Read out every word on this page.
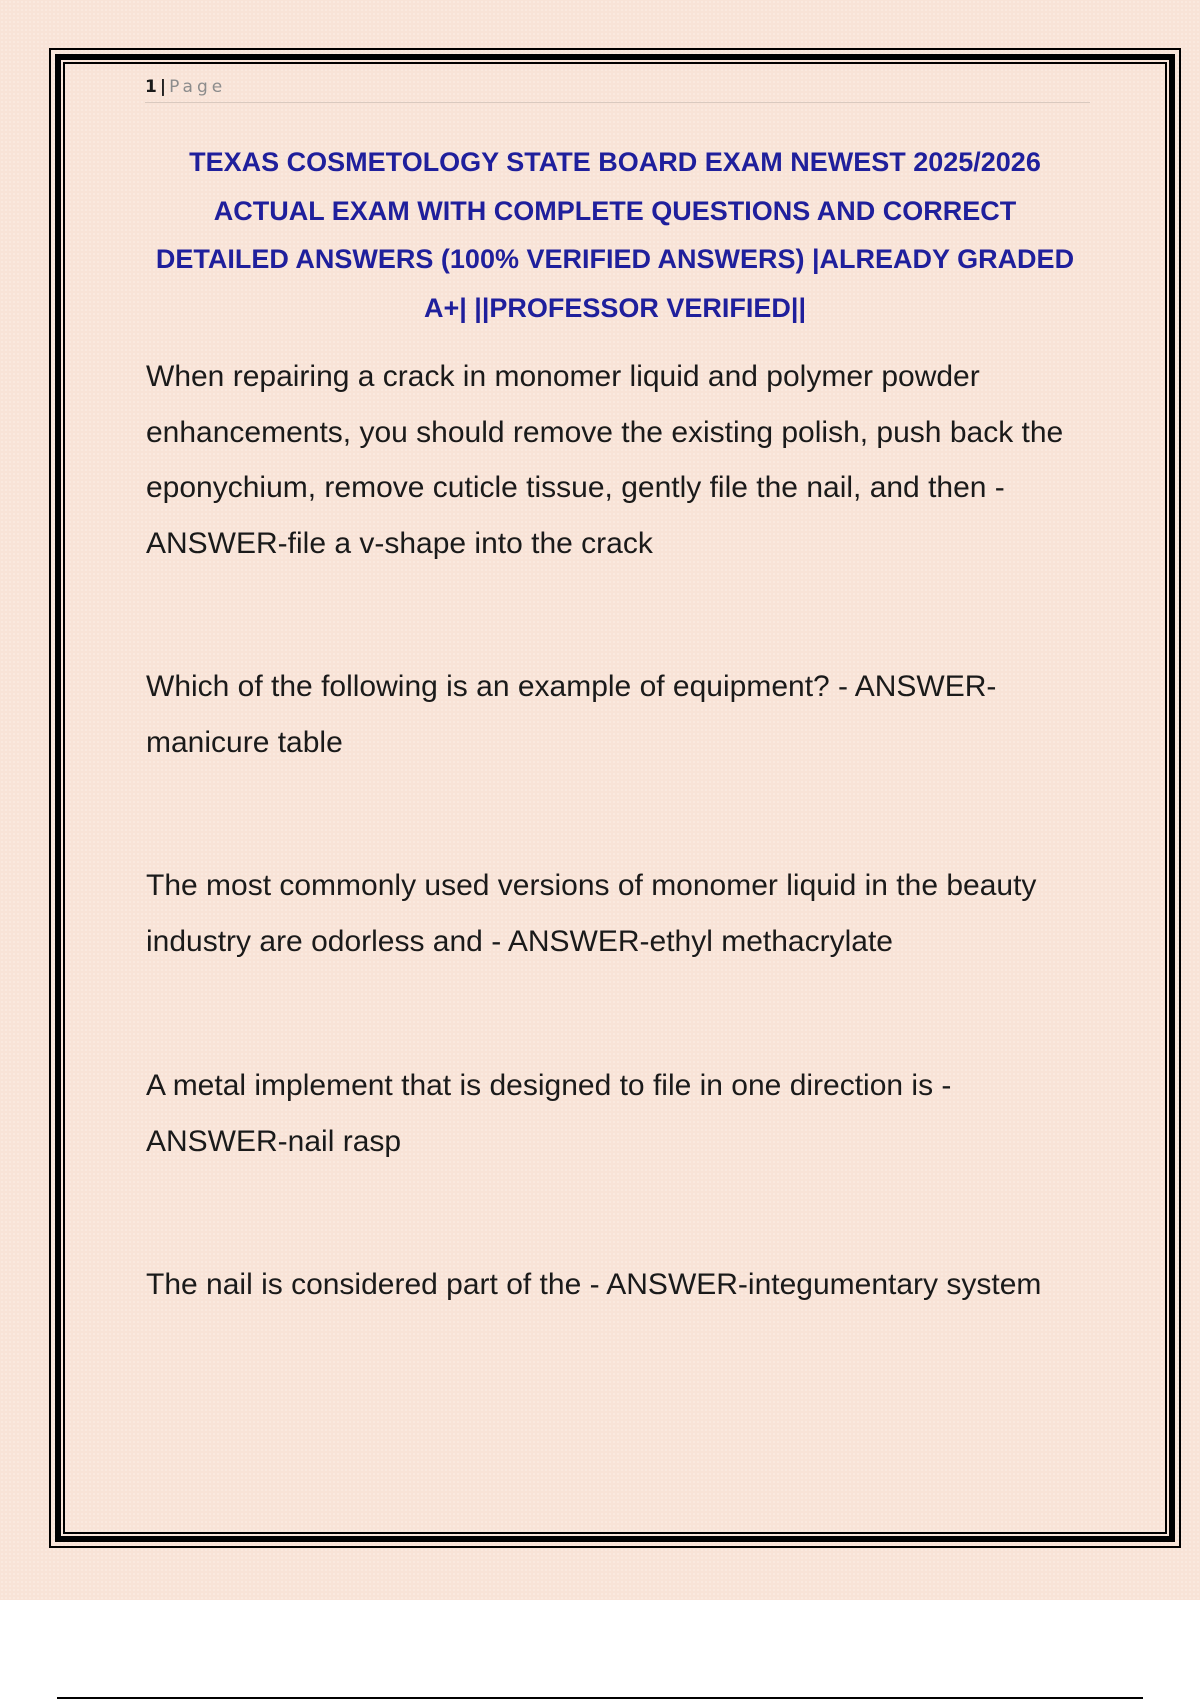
1 | Page
TEXAS COSMETOLOGY STATE BOARD EXAM NEWEST 2025/2026 ACTUAL EXAM WITH COMPLETE QUESTIONS AND CORRECT DETAILED ANSWERS (100% VERIFIED ANSWERS) |ALREADY GRADED A+| ||PROFESSOR VERIFIED||

When repairing a crack in monomer liquid and polymer powder enhancements, you should remove the existing polish, push back the eponychium, remove cuticle tissue, gently file the nail, and then - ANSWER-file a v-shape into the crack

Which of the following is an example of equipment? - ANSWER-manicure table

The most commonly used versions of monomer liquid in the beauty industry are odorless and - ANSWER-ethyl methacrylate

A metal implement that is designed to file in one direction is - ANSWER-nail rasp

The nail is considered part of the - ANSWER-integumentary system
